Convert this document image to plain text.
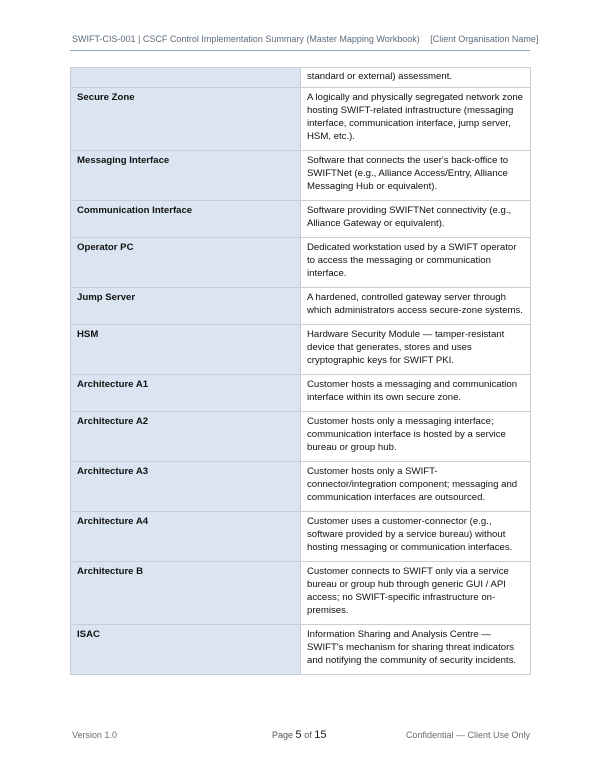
SWIFT-CIS-001 | CSCF Control Implementation Summary (Master Mapping Workbook) [Client Organisation Name]
	standard or external) assessment.
Secure Zone	A logically and physically segregated network zone hosting SWIFT-related infrastructure (messaging interface, communication interface, jump server, HSM, etc.).
Messaging Interface	Software that connects the user's back-office to SWIFTNet (e.g., Alliance Access/Entry, Alliance Messaging Hub or equivalent).
Communication Interface	Software providing SWIFTNet connectivity (e.g., Alliance Gateway or equivalent).
Operator PC	Dedicated workstation used by a SWIFT operator to access the messaging or communication interface.
Jump Server	A hardened, controlled gateway server through which administrators access secure-zone systems.
HSM	Hardware Security Module — tamper-resistant device that generates, stores and uses cryptographic keys for SWIFT PKI.
Architecture A1	Customer hosts a messaging and communication interface within its own secure zone.
Architecture A2	Customer hosts only a messaging interface; communication interface is hosted by a service bureau or group hub.
Architecture A3	Customer hosts only a SWIFT-connector/integration component; messaging and communication interfaces are outsourced.
Architecture A4	Customer uses a customer-connector (e.g., software provided by a service bureau) without hosting messaging or communication interfaces.
Architecture B	Customer connects to SWIFT only via a service bureau or group hub through generic GUI / API access; no SWIFT-specific infrastructure on-premises.
ISAC	Information Sharing and Analysis Centre — SWIFT's mechanism for sharing threat indicators and notifying the community of security incidents.
Version 1.0	Page 5 of 15	Confidential — Client Use Only
